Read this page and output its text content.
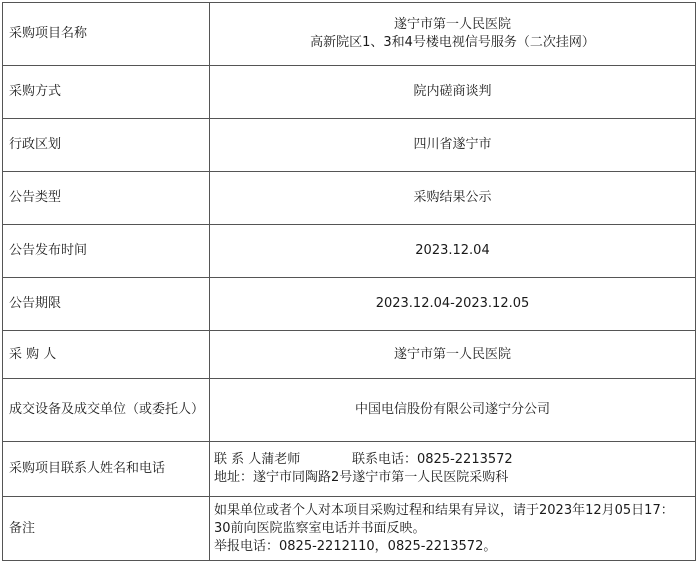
采购项目名称	遂宁市第一人民医院
高新院区1、3和4号楼电视信号服务（二次挂网）

采购方式	院内磋商谈判
行政区划	四川省遂宁市
公告类型	采购结果公示
公告发布时间	2023.12.04
公告期限	2023.12.04-2023.12.05
采 购 人	遂宁市第一人民医院
成交设备及成交单位（或委托人）	中国电信股份有限公司遂宁分公司
采购项目联系人姓名和电话	联 系 人蒲老师 联系电话：0825-2213572
地址：遂宁市同陶路2号遂宁市第一人民医院采购科

备注	如果单位或者个人对本项目采购过程和结果有异议，请于2023年12月05日17：30前向医院监察室电话并书面反映。
举报电话：0825-2212110，0825-2213572。
